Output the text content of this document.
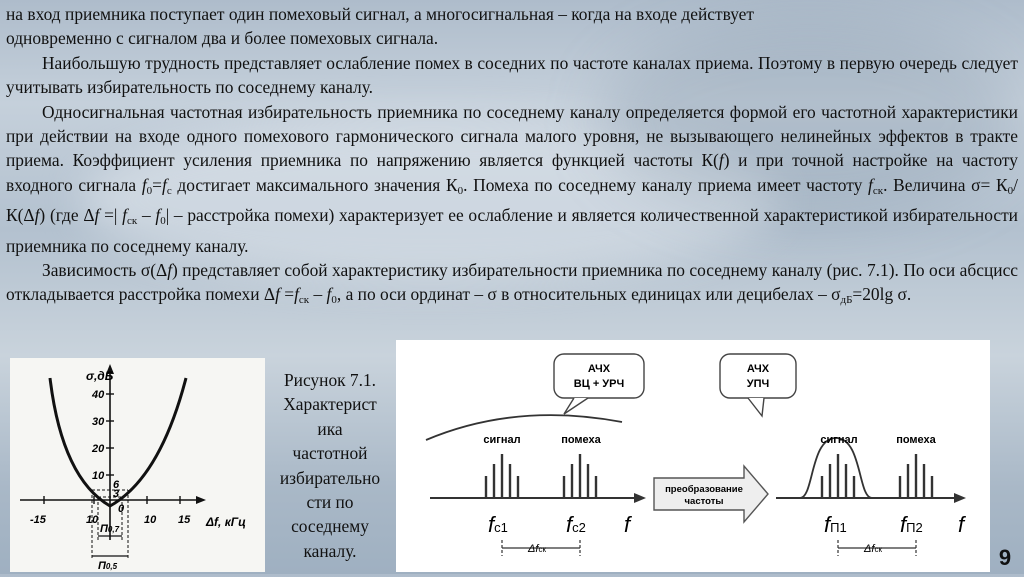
на вход приемника поступает один помеховый сигнал, а многосигнальная – когда на входе действует
одновременно с сигналом два и более помеховых сигнала.

Наибольшую трудность представляет ослабление помех в соседних по частоте каналах приема. Поэтому в первую очередь следует учитывать избирательность по соседнему каналу.

Односигнальная частотная избирательность приемника по соседнему каналу определяется формой его частотной характеристики при действии на входе одного помехового гармонического сигнала малого уровня, не вызывающего нелинейных эффектов в тракте приема. Коэффициент усиления приемника по напряжению является функцией частоты К(f) и при точной настройке на частоту входного сигнала $f_0=f_с$ достигает максимального значения $К_0$. Помеха по соседнему каналу приема имеет частоту $f_{ск}$. Величина $\sigma= К_0/$ К(Δf) (где Δf =| $f_{ск} - f_0|$ – расстройка помехи) характеризует ее ослабление и является количественной характеристикой избирательности приемника по соседнему каналу.

Зависимость σ(Δf) представляет собой характеристику избирательности приемника по соседнему каналу (рис. 7.1). По оси абсцисс откладывается расстройка помехи $\Delta f =f_{ск} - f_0$, а по оси ординат – σ в относительных единицах или децибелах – $\sigma_{дБ}=20\lg$ σ.

σ,дБ
40
30
20
10
6
3
-15	10	10 15
0
Δf, кГц
П0,7
П0,5
Рисунок 7.1.
Характерист
ика
частотной
избирательно
сти по
соседнему
каналу.
АЧХ
ВЦ + УРЧ
АЧХ
УПЧ
сигнал	помеха
fc1	fc2 f
Δfск
преобразование
частоты
сигнал	помеха
fП1 fП2 f
Δfск	9
